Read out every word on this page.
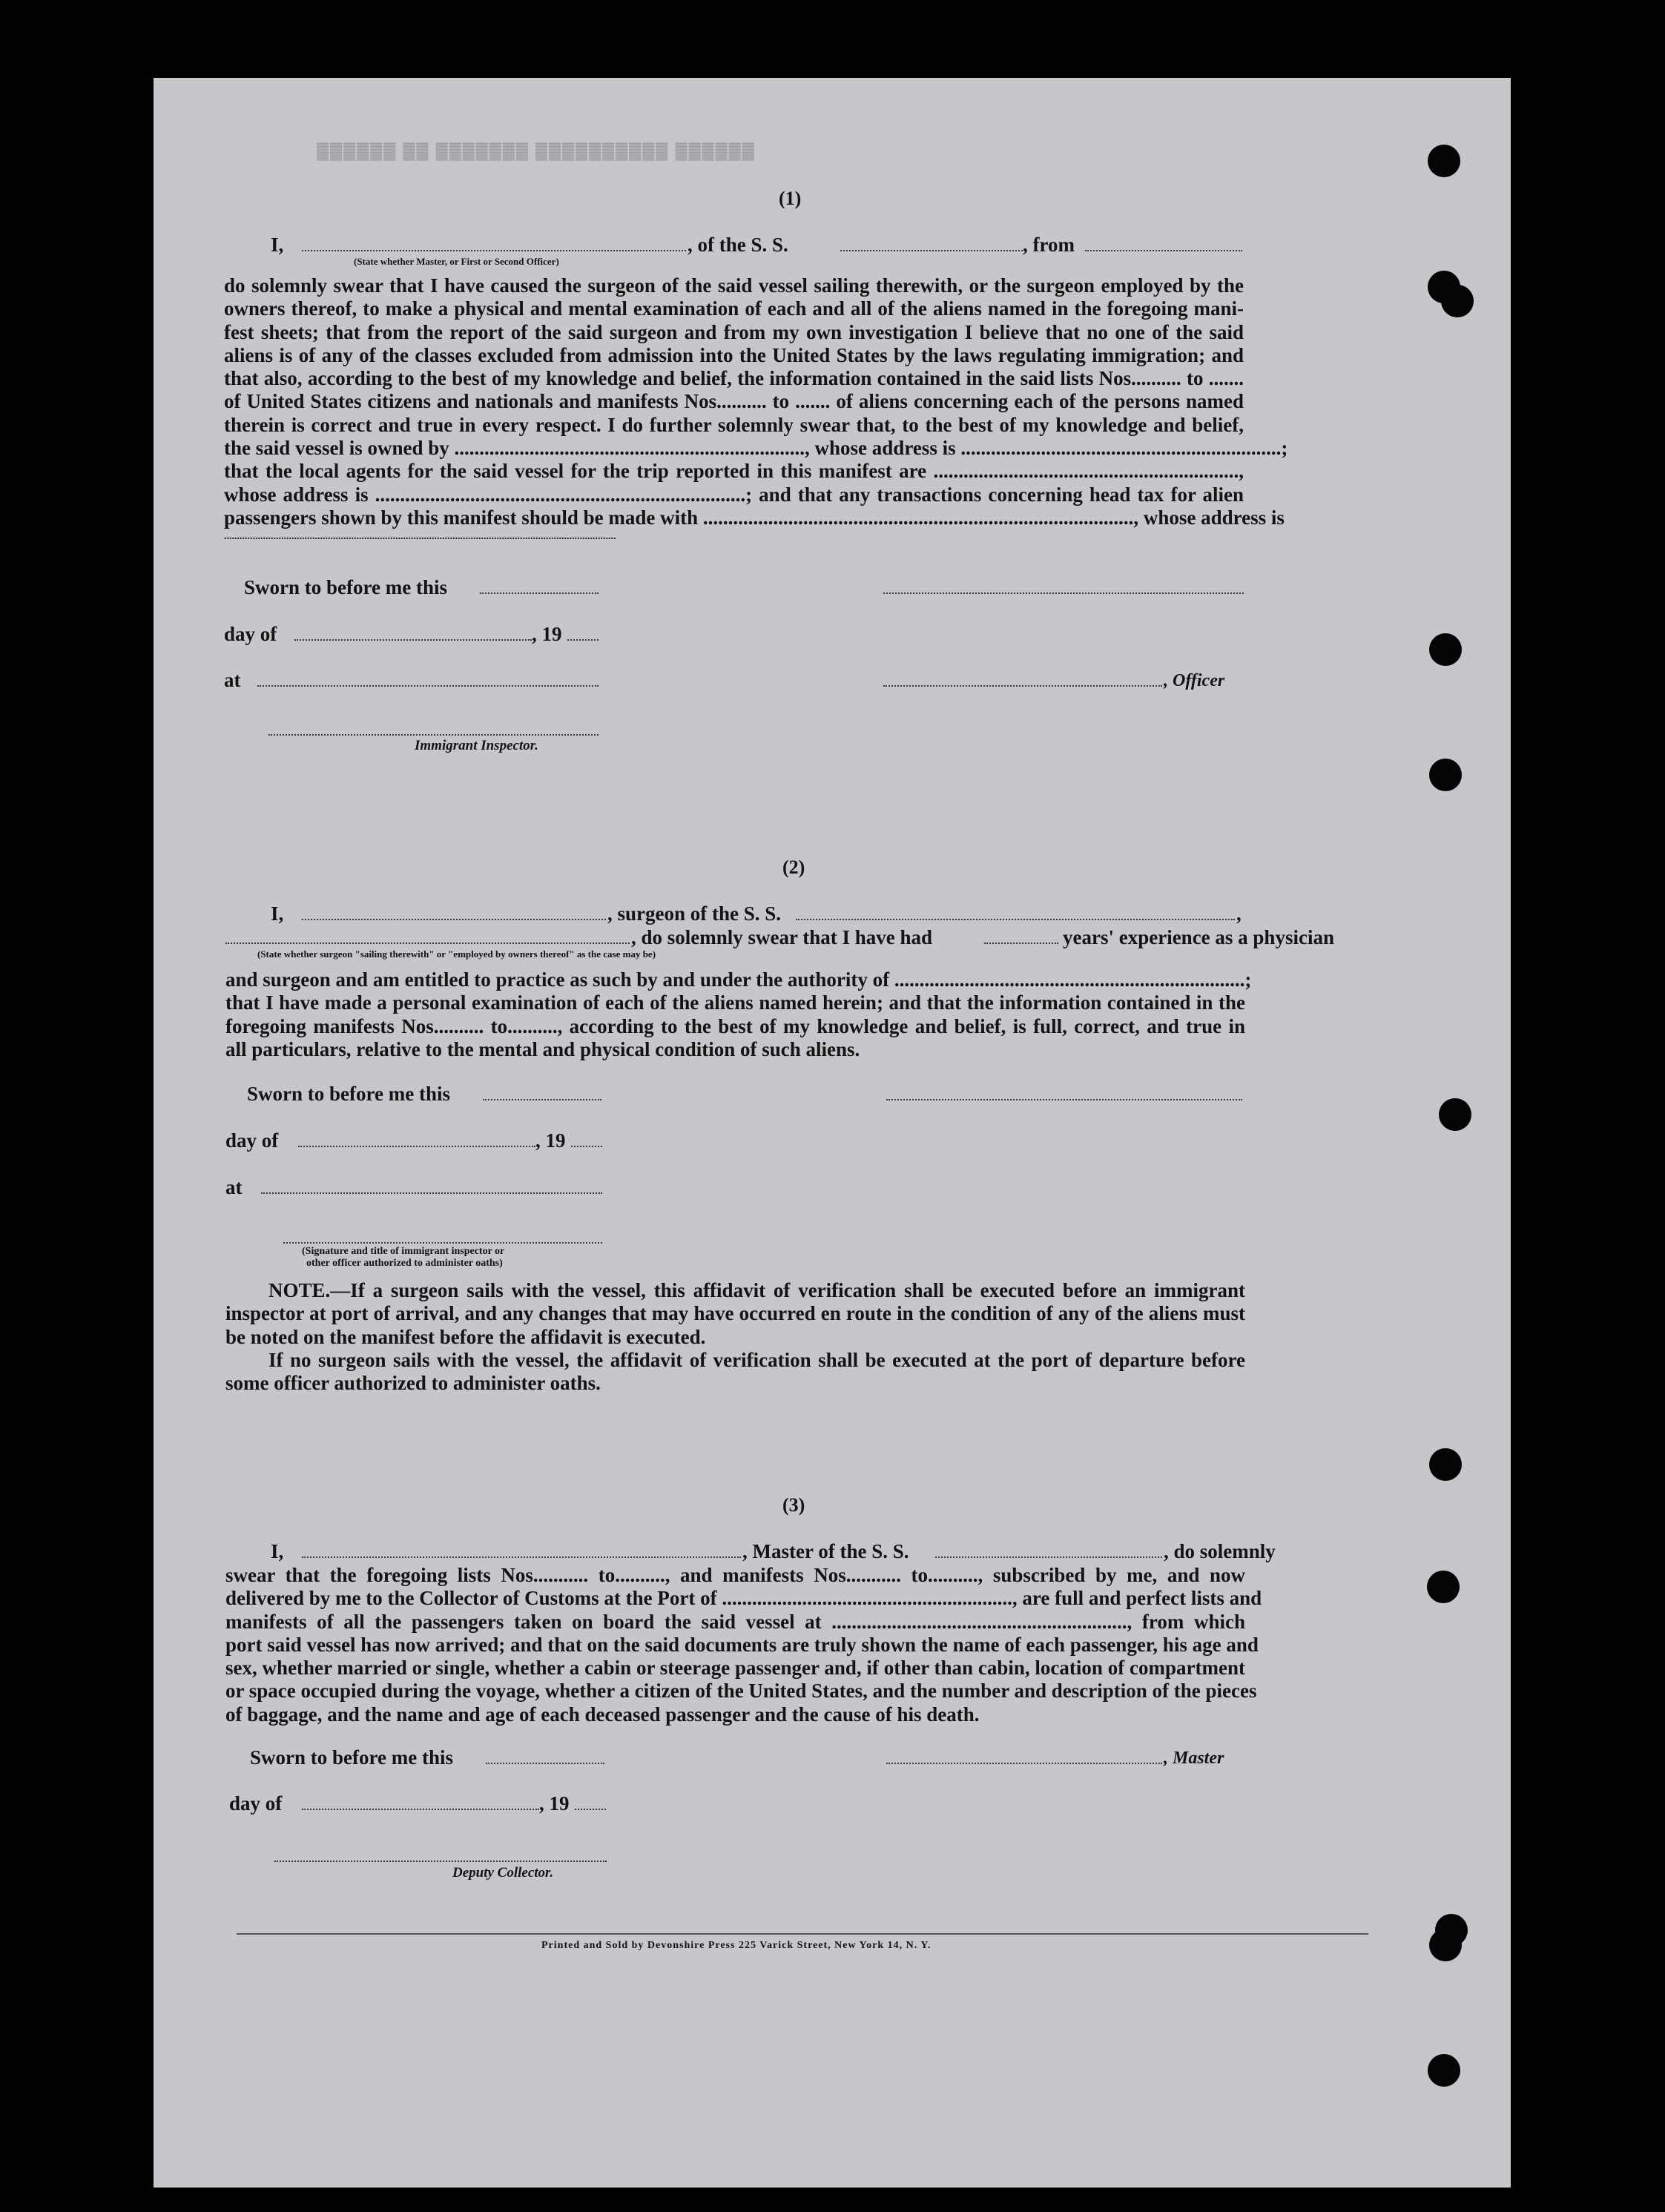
▓▓▓▓▓▓ ▓▓ ▓▓▓▓▓▓▓ ▓▓▓▓▓▓▓▓▓▓ ▓▓▓▓▓▓
(1)
I,	, of the S. S.	, from
(State whether Master, or First or Second Officer)
do solemnly swear that I have caused the surgeon of the said vessel sailing therewith, or the surgeon employed by the
owners thereof, to make a physical and mental examination of each and all of the aliens named in the foregoing mani-
fest sheets; that from the report of the said surgeon and from my own investigation I believe that no one of the said
aliens is of any of the classes excluded from admission into the United States by the laws regulating immigration; and
that also, according to the best of my knowledge and belief, the information contained in the said lists Nos.......... to .......
of United States citizens and nationals and manifests Nos.......... to ....... of aliens concerning each of the persons named
therein is correct and true in every respect. I do further solemnly swear that, to the best of my knowledge and belief,
the said vessel is owned by ......................................................................, whose address is ................................................................;
that the local agents for the said vessel for the trip reported in this manifest are .............................................................,
whose address is ..........................................................................; and that any transactions concerning head tax for alien
passengers shown by this manifest should be made with ......................................................................................, whose address is
.......................................................................................................................................................
Sworn to before me this
day of	, 19
at	, Officer
Immigrant Inspector.
(2)
I,	, surgeon of the S. S.	,
, do solemnly swear that I have had	years' experience as a physician
(State whether surgeon "sailing therewith" or "employed by owners thereof" as the case may be)
and surgeon and am entitled to practice as such by and under the authority of ......................................................................;
that I have made a personal examination of each of the aliens named herein; and that the information contained in the
foregoing manifests Nos.......... to.........., according to the best of my knowledge and belief, is full, correct, and true in
all particulars, relative to the mental and physical condition of such aliens.
Sworn to before me this
day of	, 19
at
(Signature and title of immigrant inspector or
other officer authorized to administer oaths)
NOTE.—If a surgeon sails with the vessel, this affidavit of verification shall be executed before an immigrant
inspector at port of arrival, and any changes that may have occurred en route in the condition of any of the aliens must
be noted on the manifest before the affidavit is executed.
If no surgeon sails with the vessel, the affidavit of verification shall be executed at the port of departure before
some officer authorized to administer oaths.
(3)
I,	, Master of the S. S.	, do solemnly
swear that the foregoing lists Nos........... to.........., and manifests Nos........... to.........., subscribed by me, and now
delivered by me to the Collector of Customs at the Port of .........................................................., are full and perfect lists and
manifests of all the passengers taken on board the said vessel at ..........................................................., from which
port said vessel has now arrived; and that on the said documents are truly shown the name of each passenger, his age and
sex, whether married or single, whether a cabin or steerage passenger and, if other than cabin, location of compartment
or space occupied during the voyage, whether a citizen of the United States, and the number and description of the pieces
of baggage, and the name and age of each deceased passenger and the cause of his death.
Sworn to before me this	, Master
day of	, 19
Deputy Collector.
Printed and Sold by Devonshire Press 225 Varick Street, New York 14, N. Y.
